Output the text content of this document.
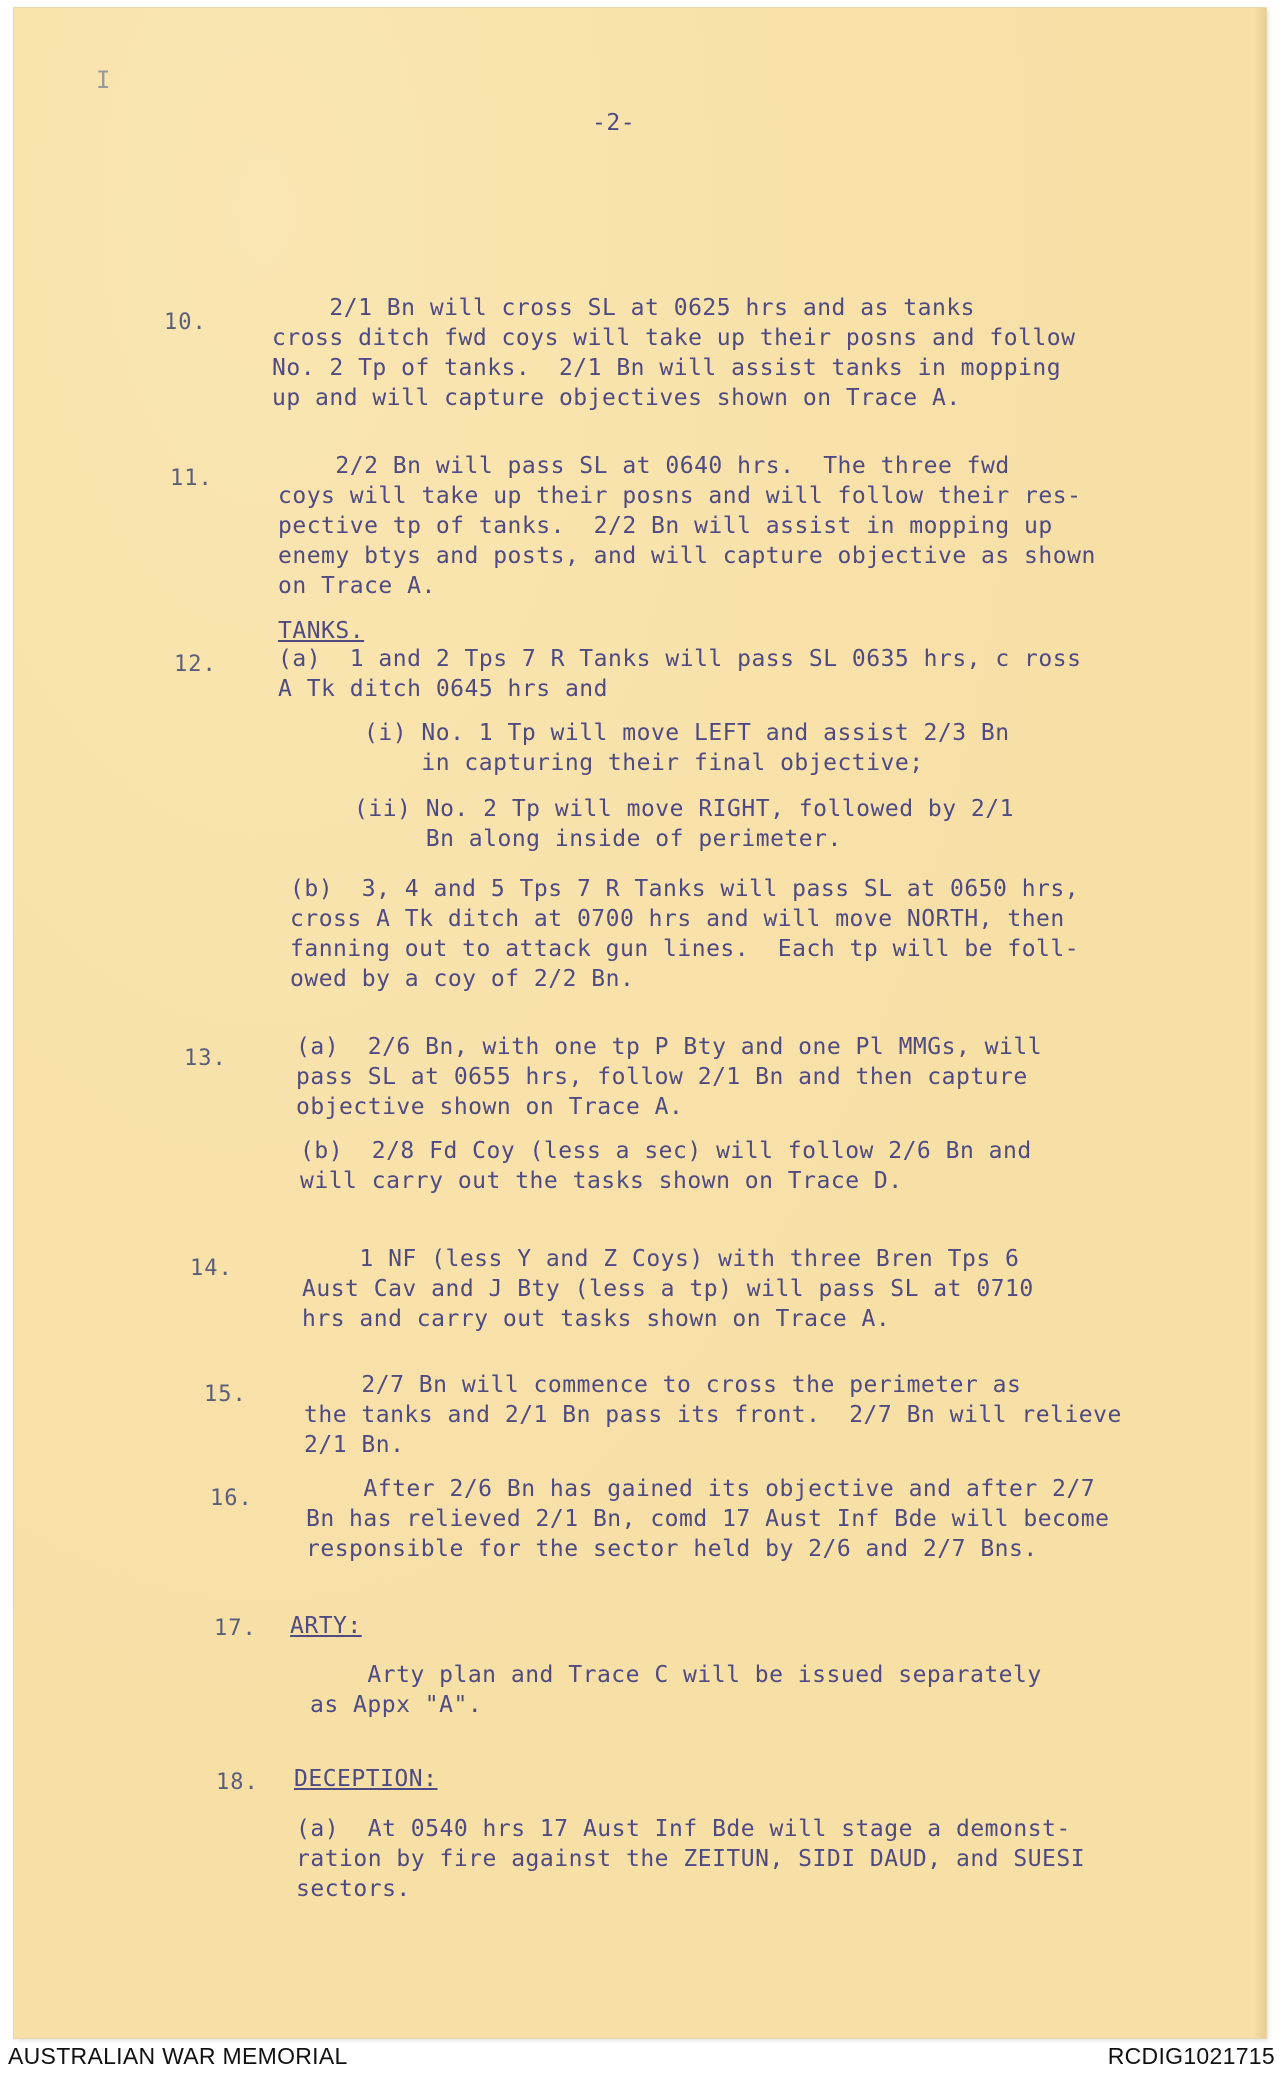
I
-2-
10.
2/1 Bn will cross SL at 0625 hrs and as tanks
cross ditch fwd coys will take up their posns and follow
No. 2 Tp of tanks.  2/1 Bn will assist tanks in mopping
up and will capture objectives shown on Trace A.
11.	2/2 Bn will pass SL at 0640 hrs.  The three fwd
coys will take up their posns and will follow their res-
pective tp of tanks.  2/2 Bn will assist in mopping up
enemy btys and posts, and will capture objective as shown
on Trace A.
TANKS.
12.	(a)  1 and 2 Tps 7 R Tanks will pass SL 0635 hrs, c ross
A Tk ditch 0645 hrs and
(i) No. 1 Tp will move LEFT and assist 2/3 Bn
in capturing their final objective;
(ii) No. 2 Tp will move RIGHT, followed by 2/1
Bn along inside of perimeter.
(b)  3, 4 and 5 Tps 7 R Tanks will pass SL at 0650 hrs,
cross A Tk ditch at 0700 hrs and will move NORTH, then
fanning out to attack gun lines.  Each tp will be foll-
owed by a coy of 2/2 Bn.
13.	(a)  2/6 Bn, with one tp P Bty and one Pl MMGs, will
pass SL at 0655 hrs, follow 2/1 Bn and then capture
objective shown on Trace A.
(b)  2/8 Fd Coy (less a sec) will follow 2/6 Bn and
will carry out the tasks shown on Trace D.
14.	1 NF (less Y and Z Coys) with three Bren Tps 6
Aust Cav and J Bty (less a tp) will pass SL at 0710
hrs and carry out tasks shown on Trace A.
15. 2/7 Bn will commence to cross the perimeter as
the tanks and 2/1 Bn pass its front.  2/7 Bn will relieve
2/1 Bn.
16. After 2/6 Bn has gained its objective and after 2/7
Bn has relieved 2/1 Bn, comd 17 Aust Inf Bde will become
responsible for the sector held by 2/6 and 2/7 Bns.
17. ARTY:
Arty plan and Trace C will be issued separately
as Appx "A".
18. DECEPTION:
(a)  At 0540 hrs 17 Aust Inf Bde will stage a demonst-
ration by fire against the ZEITUN, SIDI DAUD, and SUESI
sectors.
AUSTRALIAN WAR MEMORIAL	RCDIG1021715
